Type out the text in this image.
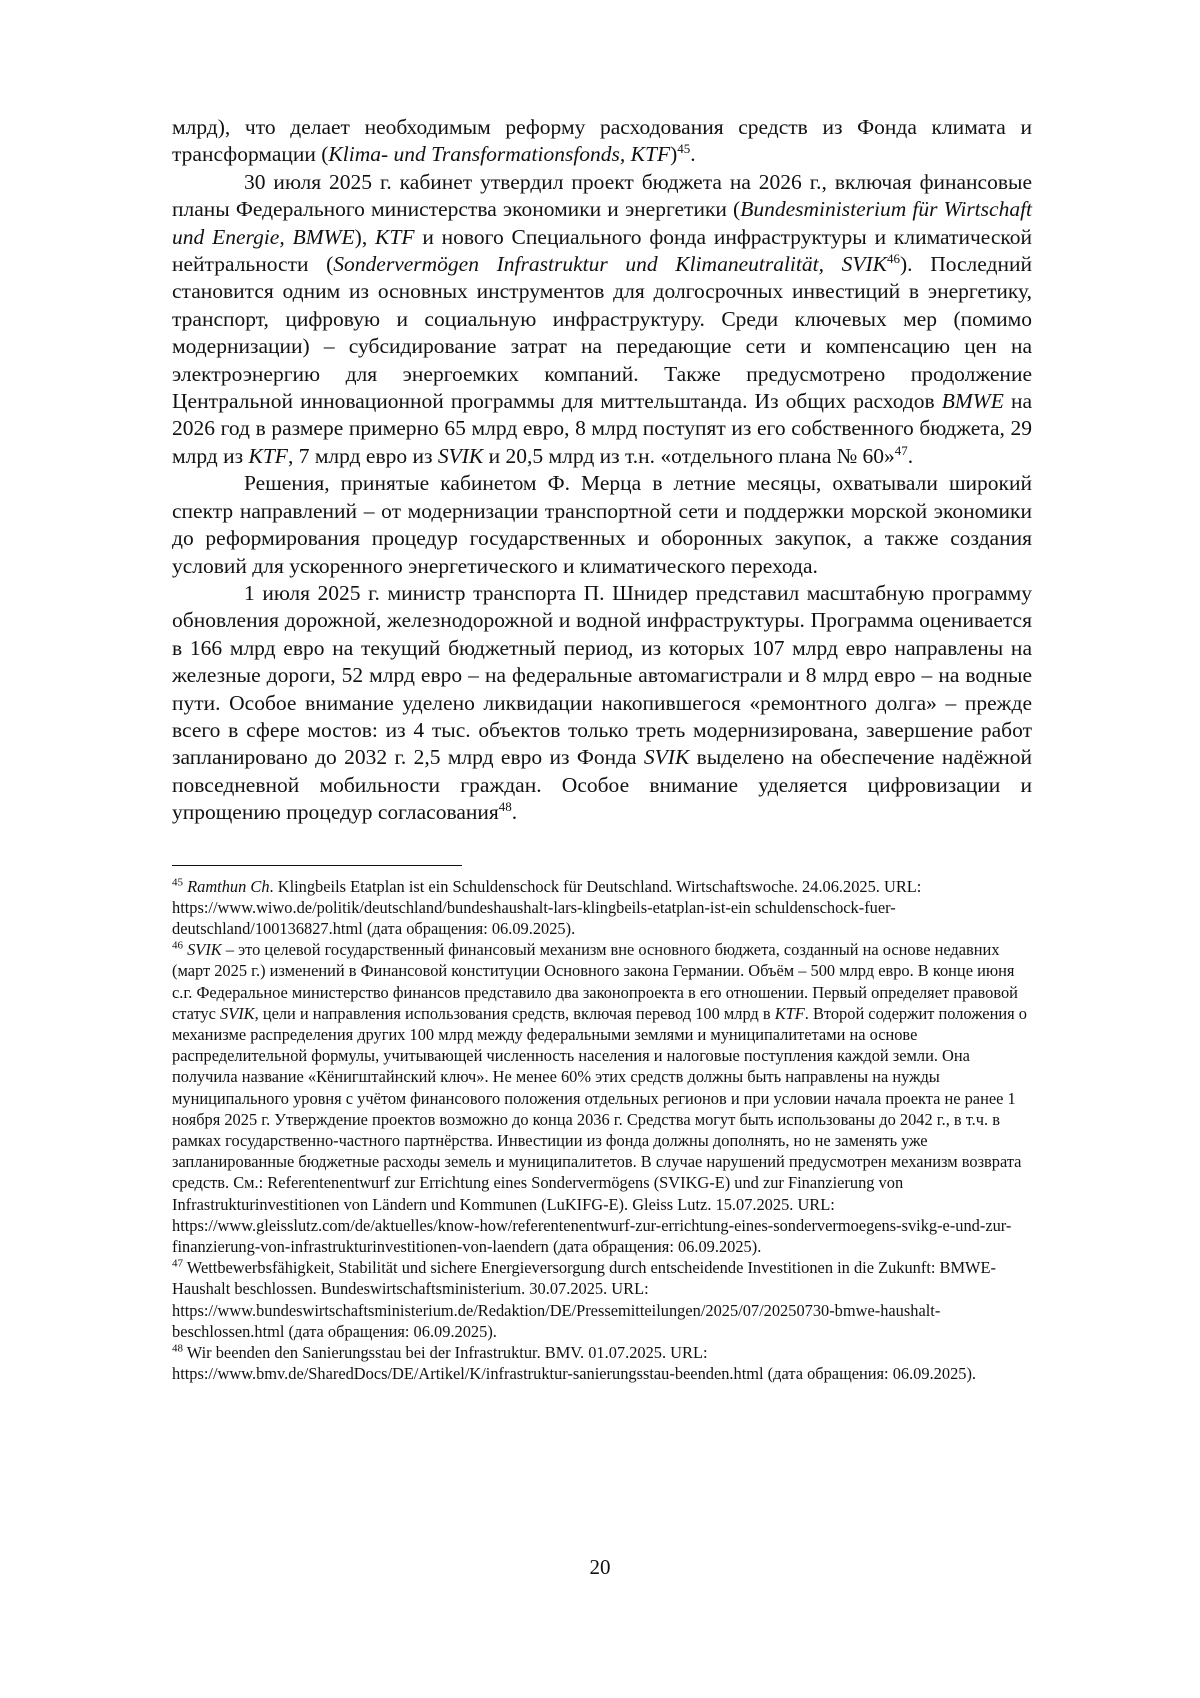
млрд), что делает необходимым реформу расходования средств из Фонда климата и трансформации (Klima- und Transformationsfonds, KTF)$^{45}$.

30 июля 2025 г. кабинет утвердил проект бюджета на 2026 г., включая финансовые планы Федерального министерства экономики и энергетики (Bundesministerium für Wirtschaft und Energie, BMWE), KTF и нового Специального фонда инфраструктуры и климатической нейтральности (Sondervermögen Infrastruktur und Klimaneutralität, SVIK$^{46}$). Последний становится одним из основных инструментов для долгосрочных инвестиций в энергетику, транспорт, цифровую и социальную инфраструктуру. Среди ключевых мер (помимо модернизации) – субсидирование затрат на передающие сети и компенсацию цен на электроэнергию для энергоемких компаний. Также предусмотрено продолжение Центральной инновационной программы для миттельштанда. Из общих расходов BMWE на 2026 год в размере примерно 65 млрд евро, 8 млрд поступят из его собственного бюджета, 29 млрд из KTF, 7 млрд евро из SVIK и 20,5 млрд из т.н. «отдельного плана № 60»$^{47}$.

Решения, принятые кабинетом Ф. Мерца в летние месяцы, охватывали широкий спектр направлений – от модернизации транспортной сети и поддержки морской экономики до реформирования процедур государственных и оборонных закупок, а также создания условий для ускоренного энергетического и климатического перехода.

1 июля 2025 г. министр транспорта П. Шнидер представил масштабную программу обновления дорожной, железнодорожной и водной инфраструктуры. Программа оценивается в 166 млрд евро на текущий бюджетный период, из которых 107 млрд евро направлены на железные дороги, 52 млрд евро – на федеральные автомагистрали и 8 млрд евро – на водные пути. Особое внимание уделено ликвидации накопившегося «ремонтного долга» – прежде всего в сфере мостов: из 4 тыс. объектов только треть модернизирована, завершение работ запланировано до 2032 г. 2,5 млрд евро из Фонда SVIK выделено на обеспечение надёжной повседневной мобильности граждан. Особое внимание уделяется цифровизации и упрощению процедур согласования$^{48}$.

$^{45}$ Ramthun Ch. Klingbeils Etatplan ist ein Schuldenschock für Deutschland. Wirtschaftswoche. 24.06.2025. URL: https://www.wiwo.de/politik/deutschland/bundeshaushalt-lars-klingbeils-etatplan-ist-ein schuldenschock-fuer-deutschland/100136827.html (дата обращения: 06.09.2025).

$^{46}$ SVIK – это целевой государственный финансовый механизм вне основного бюджета, созданный на основе недавних (март 2025 г.) изменений в Финансовой конституции Основного закона Германии. Объём – 500 млрд евро. В конце июня с.г. Федеральное министерство финансов представило два законопроекта в его отношении. Первый определяет правовой статус SVIK, цели и направления использования средств, включая перевод 100 млрд в KTF. Второй содержит положения о механизме распределения других 100 млрд между федеральными землями и муниципалитетами на основе распределительной формулы, учитывающей численность населения и налоговые поступления каждой земли. Она получила название «Кёнигштайнский ключ». Не менее 60% этих средств должны быть направлены на нужды муниципального уровня с учётом финансового положения отдельных регионов и при условии начала проекта не ранее 1 ноября 2025 г. Утверждение проектов возможно до конца 2036 г. Средства могут быть использованы до 2042 г., в т.ч. в рамках государственно-частного партнёрства. Инвестиции из фонда должны дополнять, но не заменять уже запланированные бюджетные расходы земель и муниципалитетов. В случае нарушений предусмотрен механизм возврата средств. См.: Referentenentwurf zur Errichtung eines Sondervermögens (SVIKG-E) und zur Finanzierung von Infrastrukturinvestitionen von Ländern und Kommunen (LuKIFG-E). Gleiss Lutz. 15.07.2025. URL: https://www.gleisslutz.com/de/aktuelles/know-how/referentenentwurf-zur-errichtung-eines-sondervermoegens-svikg-e-und-zur-finanzierung-von-infrastrukturinvestitionen-von-laendern (дата обращения: 06.09.2025).

$^{47}$ Wettbewerbsfähigkeit, Stabilität und sichere Energieversorgung durch entscheidende Investitionen in die Zukunft: BMWE-Haushalt beschlossen. Bundeswirtschaftsministerium. 30.07.2025. URL: https://www.bundeswirtschaftsministerium.de/Redaktion/DE/Pressemitteilungen/2025/07/20250730-bmwe-haushalt-beschlossen.html (дата обращения: 06.09.2025).

$^{48}$ Wir beenden den Sanierungsstau bei der Infrastruktur. BMV. 01.07.2025. URL: https://www.bmv.de/SharedDocs/DE/Artikel/K/infrastruktur-sanierungsstau-beenden.html (дата обращения: 06.09.2025).

20
